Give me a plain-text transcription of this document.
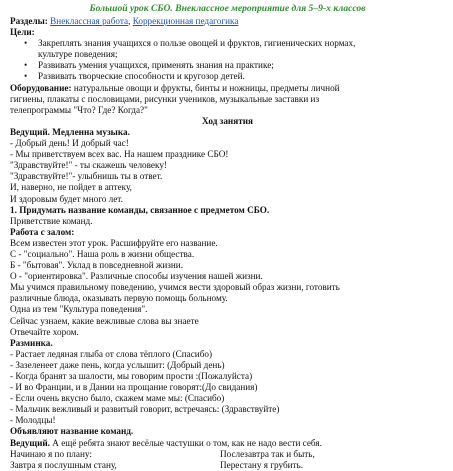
Большой урок СБО. Внеклассное мероприятие для 5–9-х классов
Разделы: Внеклассная работа, Коррекционная педагогика
Цели:
• Закреплять знания учащихся о пользе овощей и фруктов, гигиенических нормах,
культуре поведения;
• Развивать умения учащихся, применять знания на практике;
• Развивать творческие способности и кругозор детей.
Оборудование: натуральные овощи и фрукты, бинты и ножницы, предметы личной
гигиены, плакаты с пословицами, рисунки учеников, музыкальные заставки из
телепрограммы "Что? Где? Когда?"
Ход занятия
Ведущий. Медленна музыка.
- Добрый день! И добрый час!
- Мы приветствуем всех вас. На нашем празднике СБО!
"Здравствуйте!" - ты скажешь человеку!
"Здравствуйте!"- улыбнишь ты в ответ.
И, наверно, не пойдет в аптеку,
И здоровым будет много лет.
1. Придумать название команды, связанное с предметом СБО.
Приветствие команд.
Работа с залом:
Всем известен этот урок. Расшифруйте его название.
С - "социально". Наша роль в жизни общества.
Б - "бытовая". Уклад в повседневной жизни.
О - "ориентировка". Различные способы изучения нашей жизни.
Мы учимся правильному поведению, учимся вести здоровый образ жизни, готовить
различные блюда, оказывать первую помощь больному.
Одна из тем "Культура поведения".
Сейчас узнаем, какие вежливые слова вы знаете
Отвечайте хором.
Разминка.
- Растает ледяная глыба от слова тёплого (Спасибо)
- Зазеленеет даже пень, когда услышит: (Добрый день)
- Когда бранят за шалости, мы говорим прости :(Пожалуйста)
- И во Франции, и в Дании на прощание говорят:(До свидания)
- Если очень вкусно было, скажем маме мы: (Спасибо)
- Мальчик вежливый и развитый говорит, встречаясь: (Здравствуйте)
- Молодцы!
Объявляют название команд.
Ведущий. А ещё ребята знают весёлые частушки о том, как не надо вести себя.
Начинаю я по плану:
Завтра я послушным стану,
Послезавтра так и быть,
Перестану я грубить.
